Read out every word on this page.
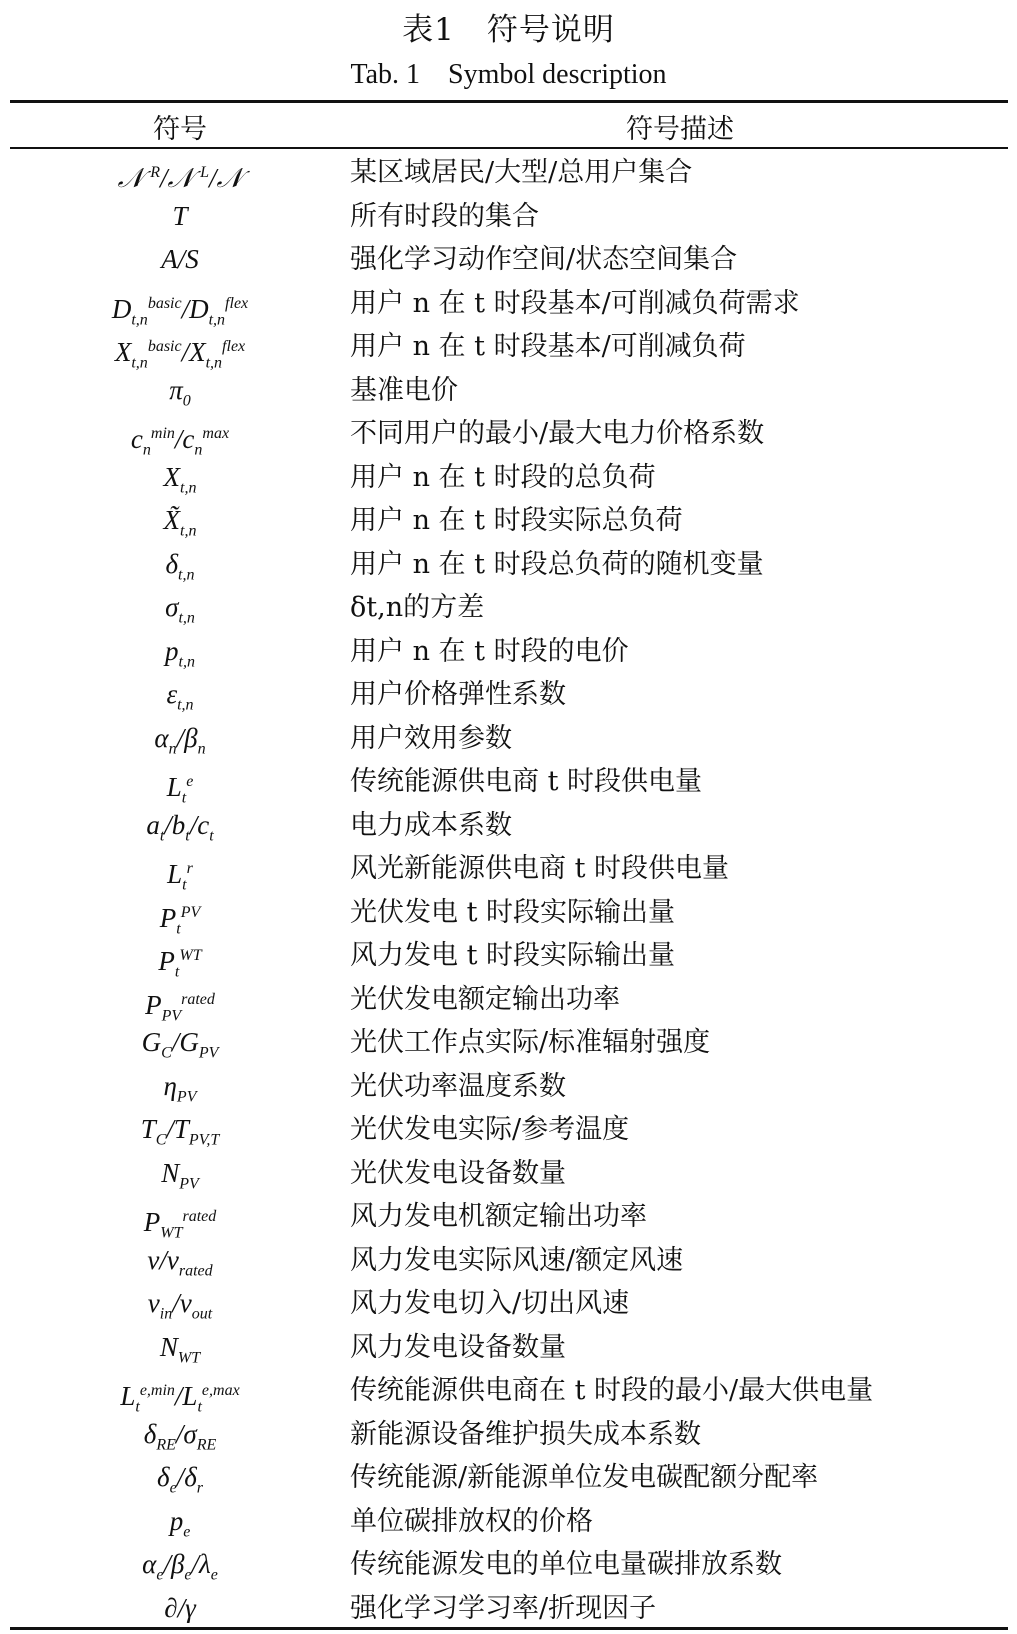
表1　符号说明
Tab. 1　Symbol description
符号	符号描述
𝒩 $^R$/𝒩 $^L$/𝒩	某区域居民/大型/总用户集合
T	所有时段的集合
A/S	强化学习动作空间/状态空间集合
$D_{t,n}^{basic}/D_{t,n}^{flex}$	用户 n 在 t 时段基本/可削减负荷需求
$X_{t,n}^{basic}/X_{t,n}^{flex}$	用户 n 在 t 时段基本/可削减负荷
$\pi_0$	基准电价
$c_n^{min}/c_n^{max}$	不同用户的最小/最大电力价格系数
$X_{t,n}$	用户 n 在 t 时段的总负荷
$X̃_{t,n}$	用户 n 在 t 时段实际总负荷
$\delta_{t,n}$	用户 n 在 t 时段总负荷的随机变量
$\sigma_{t,n}$	δt,n的方差
$p_{t,n}$	用户 n 在 t 时段的电价
$\varepsilon_{t,n}$	用户价格弹性系数
$\alpha_n/\beta_n$	用户效用参数
$L_t^e$	传统能源供电商 t 时段供电量
$a_t/b_t/c_t$	电力成本系数
$L_t^r$	风光新能源供电商 t 时段供电量
$P_t^{PV}$	光伏发电 t 时段实际输出量
$P_t^{WT}$	风力发电 t 时段实际输出量
$P_{PV}^{rated}$	光伏发电额定输出功率
$G_C/G_{PV}$	光伏工作点实际/标准辐射强度
$\eta_{PV}$	光伏功率温度系数
$T_C/T_{PV,T}$	光伏发电实际/参考温度
$N_{PV}$	光伏发电设备数量
$P_{WT}^{rated}$	风力发电机额定输出功率
$v/v_{rated}$	风力发电实际风速/额定风速
$v_{in}/v_{out}$	风力发电切入/切出风速
$N_{WT}$	风力发电设备数量
$L_t^{e,min}/L_t^{e,max}$	传统能源供电商在 t 时段的最小/最大供电量
$\delta_{RE}/\sigma_{RE}$	新能源设备维护损失成本系数
$\delta_e/\delta_r$	传统能源/新能源单位发电碳配额分配率
$p_e$	单位碳排放权的价格
$\alpha_e/\beta_e/\lambda_e$	传统能源发电的单位电量碳排放系数
∂/γ	强化学习学习率/折现因子
